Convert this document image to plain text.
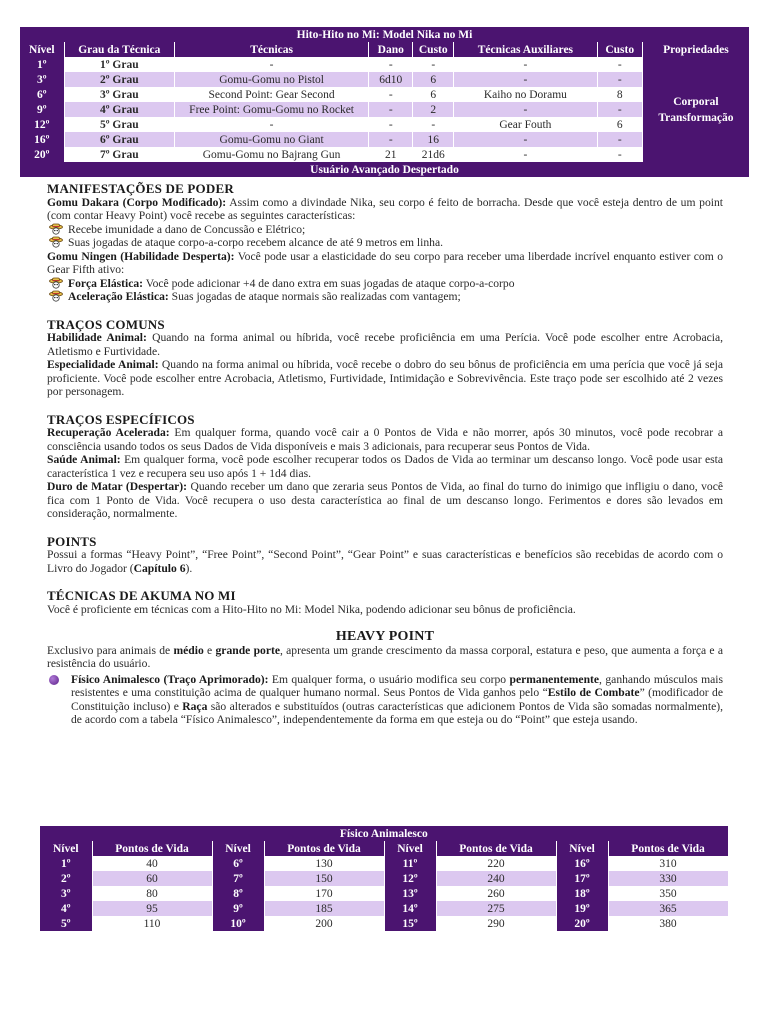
Hito-Hito no Mi: Model Nika no Mi							
Nível	Grau da Técnica	Técnicas	Dano	Custo	Técnicas Auxiliares	Custo	Propriedades
1º	1º Grau	-	-	-	-	-	Corporal Transformação
3º	2º Grau	Gomu-Gomu no Pistol	6d10	6	-	-	
6º	3º Grau	Second Point: Gear Second	-	6	Kaiho no Doramu	8	
9º	4º Grau	Free Point: Gomu-Gomu no Rocket	-	2	-	-	
12º	5º Grau	-	-	-	Gear Fouth	6	
16º	6º Grau	Gomu-Gomu no Giant	-	16	-	-	
20º	7º Grau	Gomu-Gomu no Bajrang Gun	21	21d6	-	-	
Usuário Avançado Despertado							
MANIFESTAÇÕES DE PODER

Gomu Dakara (Corpo Modificado): Assim como a divindade Nika, seu corpo é feito de borracha. Desde que você esteja dentro de um point (com contar Heavy Point) você recebe as seguintes características:

Recebe imunidade a dano de Concussão e Elétrico;
Suas jogadas de ataque corpo-a-corpo recebem alcance de até 9 metros em linha.

Gomu Ningen (Habilidade Desperta): Você pode usar a elasticidade do seu corpo para receber uma liberdade incrível enquanto estiver com o Gear Fifth ativo:

Força Elástica: Você pode adicionar +4 de dano extra em suas jogadas de ataque corpo-a-corpo
Aceleração Elástica: Suas jogadas de ataque normais são realizadas com vantagem;
TRAÇOS COMUNS

Habilidade Animal: Quando na forma animal ou híbrida, você recebe proficiência em uma Perícia. Você pode escolher entre Acrobacia, Atletismo e Furtividade.

Especialidade Animal: Quando na forma animal ou híbrida, você recebe o dobro do seu bônus de proficiência em uma perícia que você já seja proficiente. Você pode escolher entre Acrobacia, Atletismo, Furtividade, Intimidação e Sobrevivência. Este traço pode ser escolhido até 2 vezes por personagem.

TRAÇOS ESPECÍFICOS

Recuperação Acelerada: Em qualquer forma, quando você cair a 0 Pontos de Vida e não morrer, após 30 minutos, você pode recobrar a consciência usando todos os seus Dados de Vida disponíveis e mais 3 adicionais, para recuperar seus Pontos de Vida.

Saúde Animal: Em qualquer forma, você pode escolher recuperar todos os Dados de Vida ao terminar um descanso longo. Você pode usar esta característica 1 vez e recupera seu uso após 1 + 1d4 dias.

Duro de Matar (Despertar): Quando receber um dano que zeraria seus Pontos de Vida, ao final do turno do inimigo que infligiu o dano, você fica com 1 Ponto de Vida. Você recupera o uso desta característica ao final de um descanso longo. Ferimentos e dores são levados em consideração, normalmente.

POINTS

Possui a formas “Heavy Point”, “Free Point”, “Second Point”, “Gear Point” e suas características e benefícios são recebidas de acordo com o Livro do Jogador (Capítulo 6).

TÉCNICAS DE AKUMA NO MI

Você é proficiente em técnicas com a Hito-Hito no Mi: Model Nika, podendo adicionar seu bônus de proficiência.

HEAVY POINT

Exclusivo para animais de médio e grande porte, apresenta um grande crescimento da massa corporal, estatura e peso, que aumenta a força e a resistência do usuário.

Físico Animalesco (Traço Aprimorado): Em qualquer forma, o usuário modifica seu corpo permanentemente, ganhando músculos mais resistentes e uma constituição acima de qualquer humano normal. Seus Pontos de Vida ganhos pelo “Estilo de Combate” (modificador de Constituição incluso) e Raça são alterados e substituídos (outras características que adicionem Pontos de Vida são somadas normalmente), de acordo com a tabela “Físico Animalesco”, independentemente da forma em que esteja ou do “Point” que esteja usando.
Físico Animalesco							
Nível	Pontos de Vida	Nível	Pontos de Vida	Nível	Pontos de Vida	Nível	Pontos de Vida
1º	40	6º	130	11º	220	16º	310
2º	60	7º	150	12º	240	17º	330
3º	80	8º	170	13º	260	18º	350
4º	95	9º	185	14º	275	19º	365
5º	110	10º	200	15º	290	20º	380
